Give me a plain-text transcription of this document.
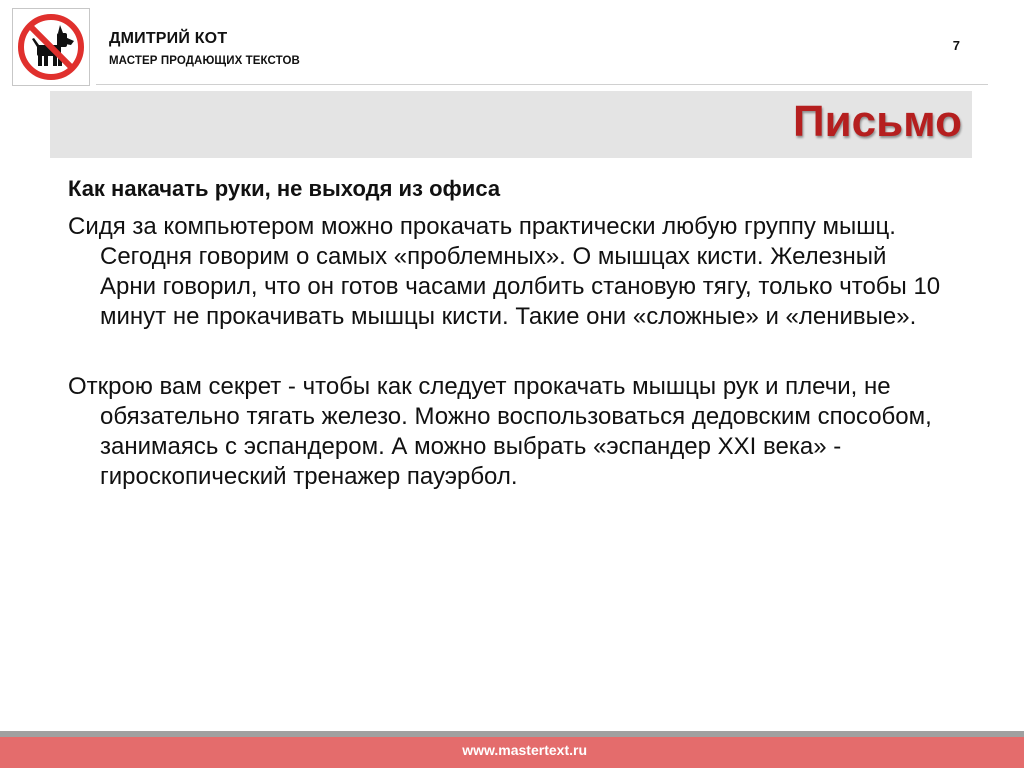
ДМИТРИЙ КОТ
МАСТЕР ПРОДАЮЩИХ ТЕКСТОВ
7
Письмо
Как накачать руки, не выходя из офиса

Сидя за компьютером можно прокачать практически любую группу мышц. Сегодня говорим о самых «проблемных». О мышцах кисти. Железный Арни говорил, что он готов часами долбить становую тягу, только чтобы 10 минут не прокачивать мышцы кисти. Такие они «сложные» и «ленивые».

Открою вам секрет - чтобы как следует прокачать мышцы рук и плечи, не обязательно тягать железо. Можно воспользоваться дедовским способом, занимаясь с эспандером. А можно выбрать «эспандер XXI века» - гироскопический тренажер пауэрбол.

www.mastertext.ru
